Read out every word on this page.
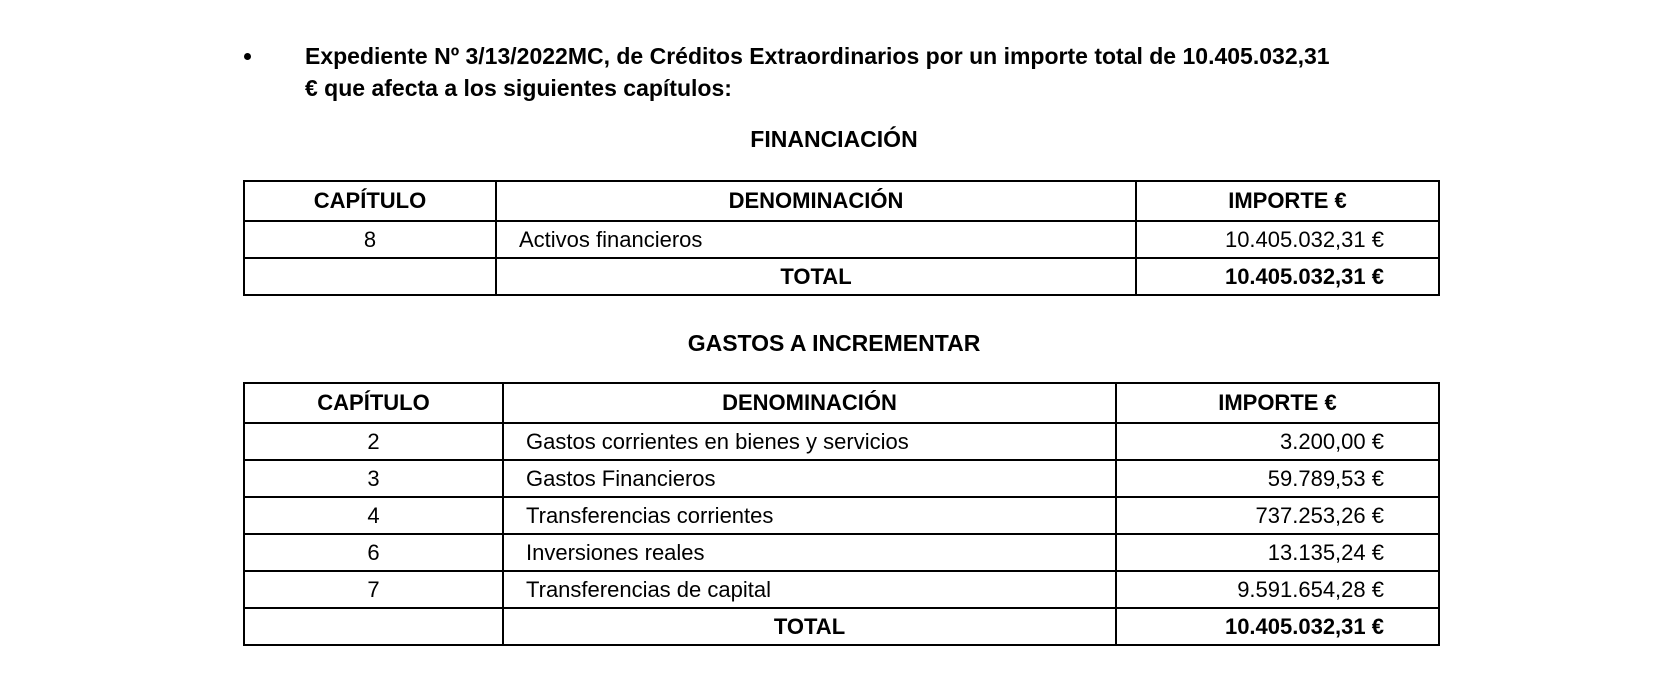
Expediente Nº 3/13/2022MC, de Créditos Extraordinarios por un importe total de 10.405.032,31
€ que afecta a los siguientes capítulos:
FINANCIACIÓN
CAPÍTULO	DENOMINACIÓN	IMPORTE €
8	Activos financieros	10.405.032,31 €
	TOTAL	10.405.032,31 €
GASTOS A INCREMENTAR
CAPÍTULO	DENOMINACIÓN	IMPORTE €
2	Gastos corrientes en bienes y servicios	3.200,00 €
3	Gastos Financieros	59.789,53 €
4	Transferencias corrientes	737.253,26 €
6	Inversiones reales	13.135,24 €
7	Transferencias de capital	9.591.654,28 €
	TOTAL	10.405.032,31 €
